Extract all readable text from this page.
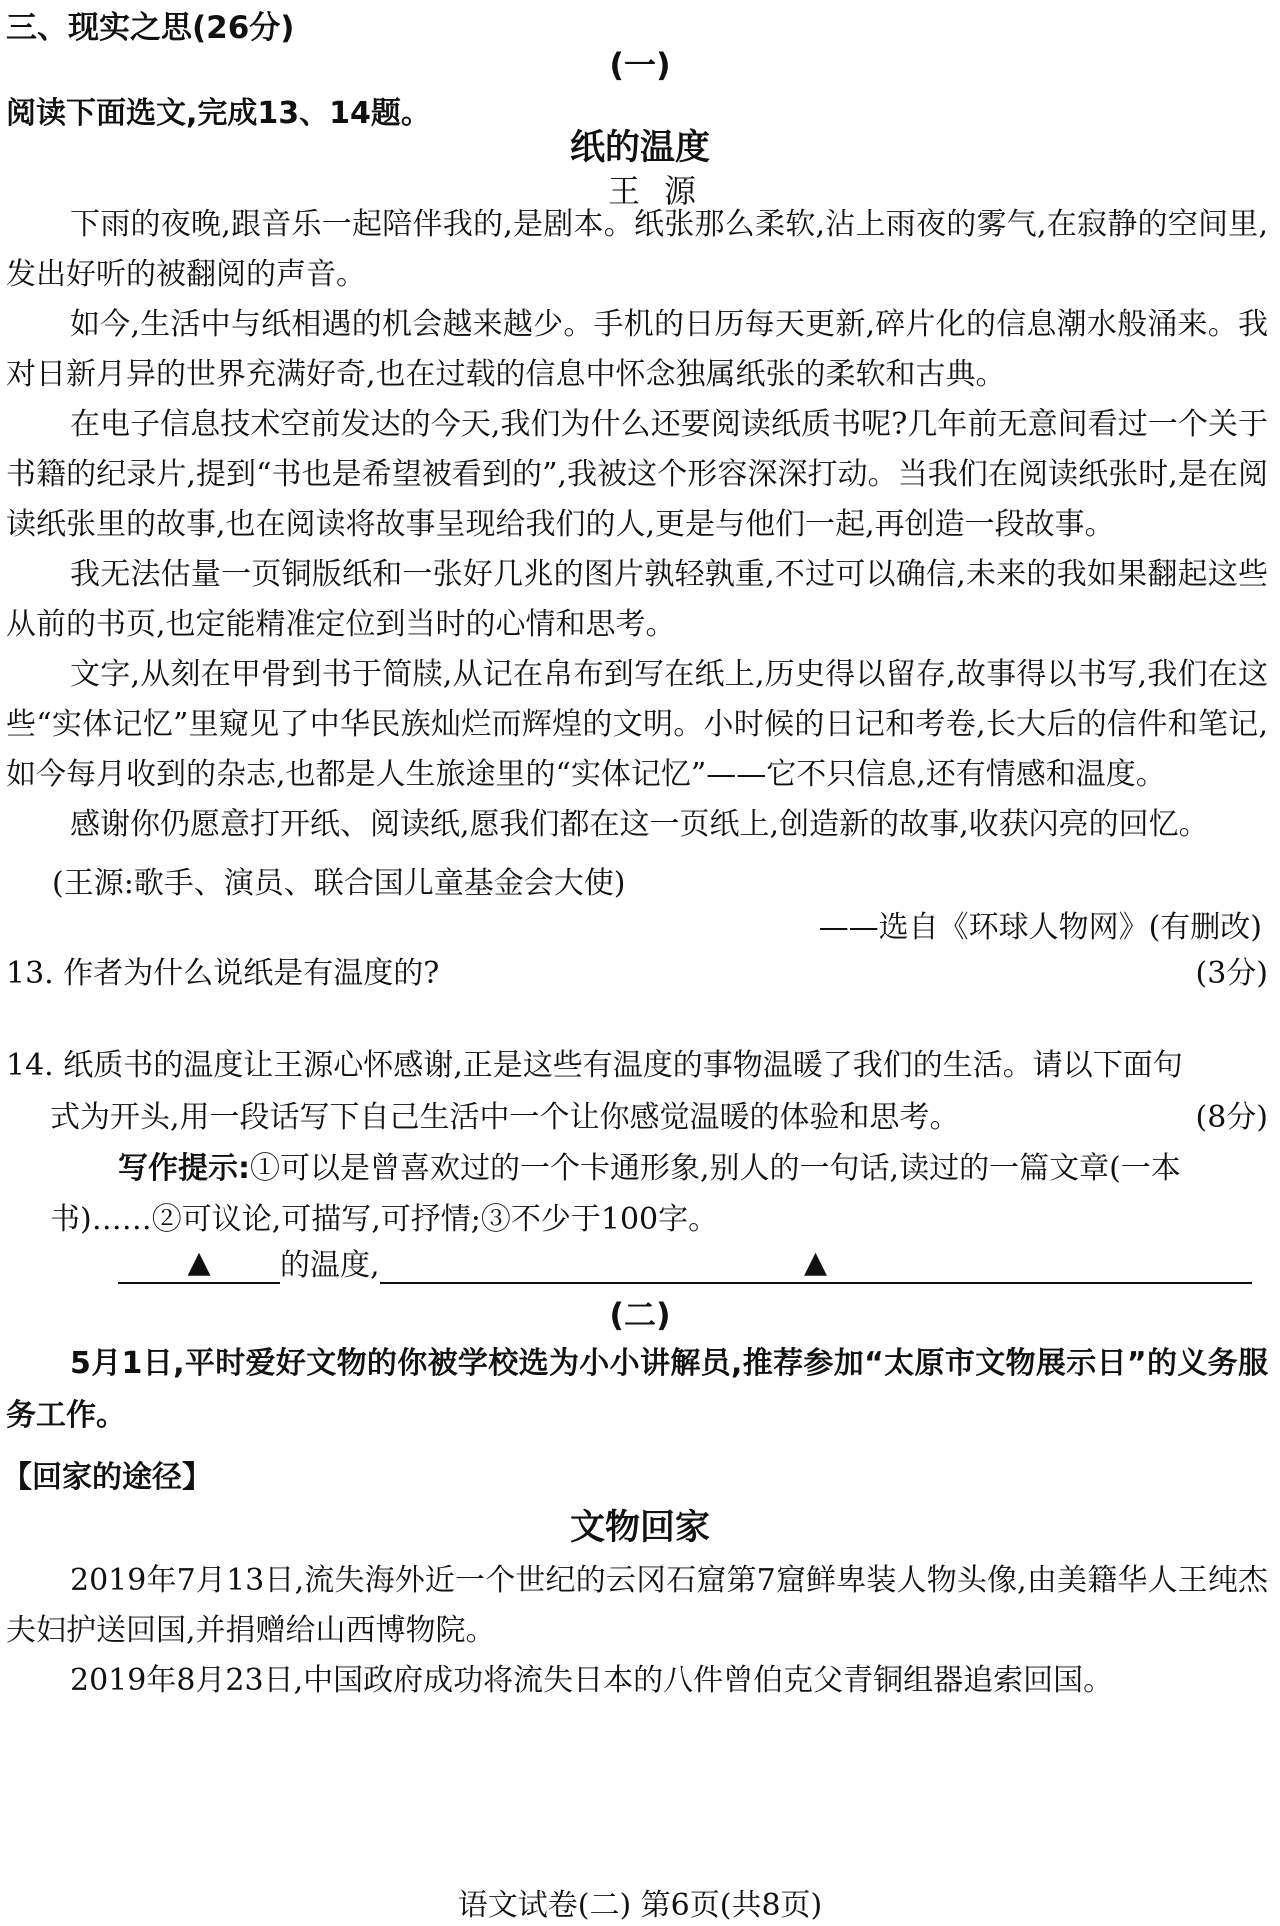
三、现实之思(26分)
(一)
阅读下面选文,完成13、14题。
纸的温度
王源
下雨的夜晚,跟音乐一起陪伴我的,是剧本。纸张那么柔软,沾上雨夜的雾气,在寂静的空间里,发出好听的被翻阅的声音。
如今,生活中与纸相遇的机会越来越少。手机的日历每天更新,碎片化的信息潮水般涌来。我对日新月异的世界充满好奇,也在过载的信息中怀念独属纸张的柔软和古典。
在电子信息技术空前发达的今天,我们为什么还要阅读纸质书呢?几年前无意间看过一个关于书籍的纪录片,提到“书也是希望被看到的”,我被这个形容深深打动。当我们在阅读纸张时,是在阅读纸张里的故事,也在阅读将故事呈现给我们的人,更是与他们一起,再创造一段故事。
我无法估量一页铜版纸和一张好几兆的图片孰轻孰重,不过可以确信,未来的我如果翻起这些从前的书页,也定能精准定位到当时的心情和思考。
文字,从刻在甲骨到书于简牍,从记在帛布到写在纸上,历史得以留存,故事得以书写,我们在这些“实体记忆”里窥见了中华民族灿烂而辉煌的文明。小时候的日记和考卷,长大后的信件和笔记,如今每月收到的杂志,也都是人生旅途里的“实体记忆”——它不只信息,还有情感和温度。
感谢你仍愿意打开纸、阅读纸,愿我们都在这一页纸上,创造新的故事,收获闪亮的回忆。
(王源:歌手、演员、联合国儿童基金会大使)
——选自《环球人物网》(有删改)
13. 作者为什么说纸是有温度的?	(3分)
14. 纸质书的温度让王源心怀感谢,正是这些有温度的事物温暖了我们的生活。请以下面句
式为开头,用一段话写下自己生活中一个让你感觉温暖的体验和思考。	(8分)
写作提示:①可以是曾喜欢过的一个卡通形象,别人的一句话,读过的一篇文章(一本
书)……②可议论,可描写,可抒情;③不少于100字。
▲ 的温度,	▲
(二)
5月1日,平时爱好文物的你被学校选为小小讲解员,推荐参加“太原市文物展示日”的义务服务工作。
【回家的途径】
文物回家
2019年7月13日,流失海外近一个世纪的云冈石窟第7窟鲜卑装人物头像,由美籍华人王纯杰夫妇护送回国,并捐赠给山西博物院。
2019年8月23日,中国政府成功将流失日本的八件曾伯克父青铜组器追索回国。
语文试卷(二) 第6页(共8页)
